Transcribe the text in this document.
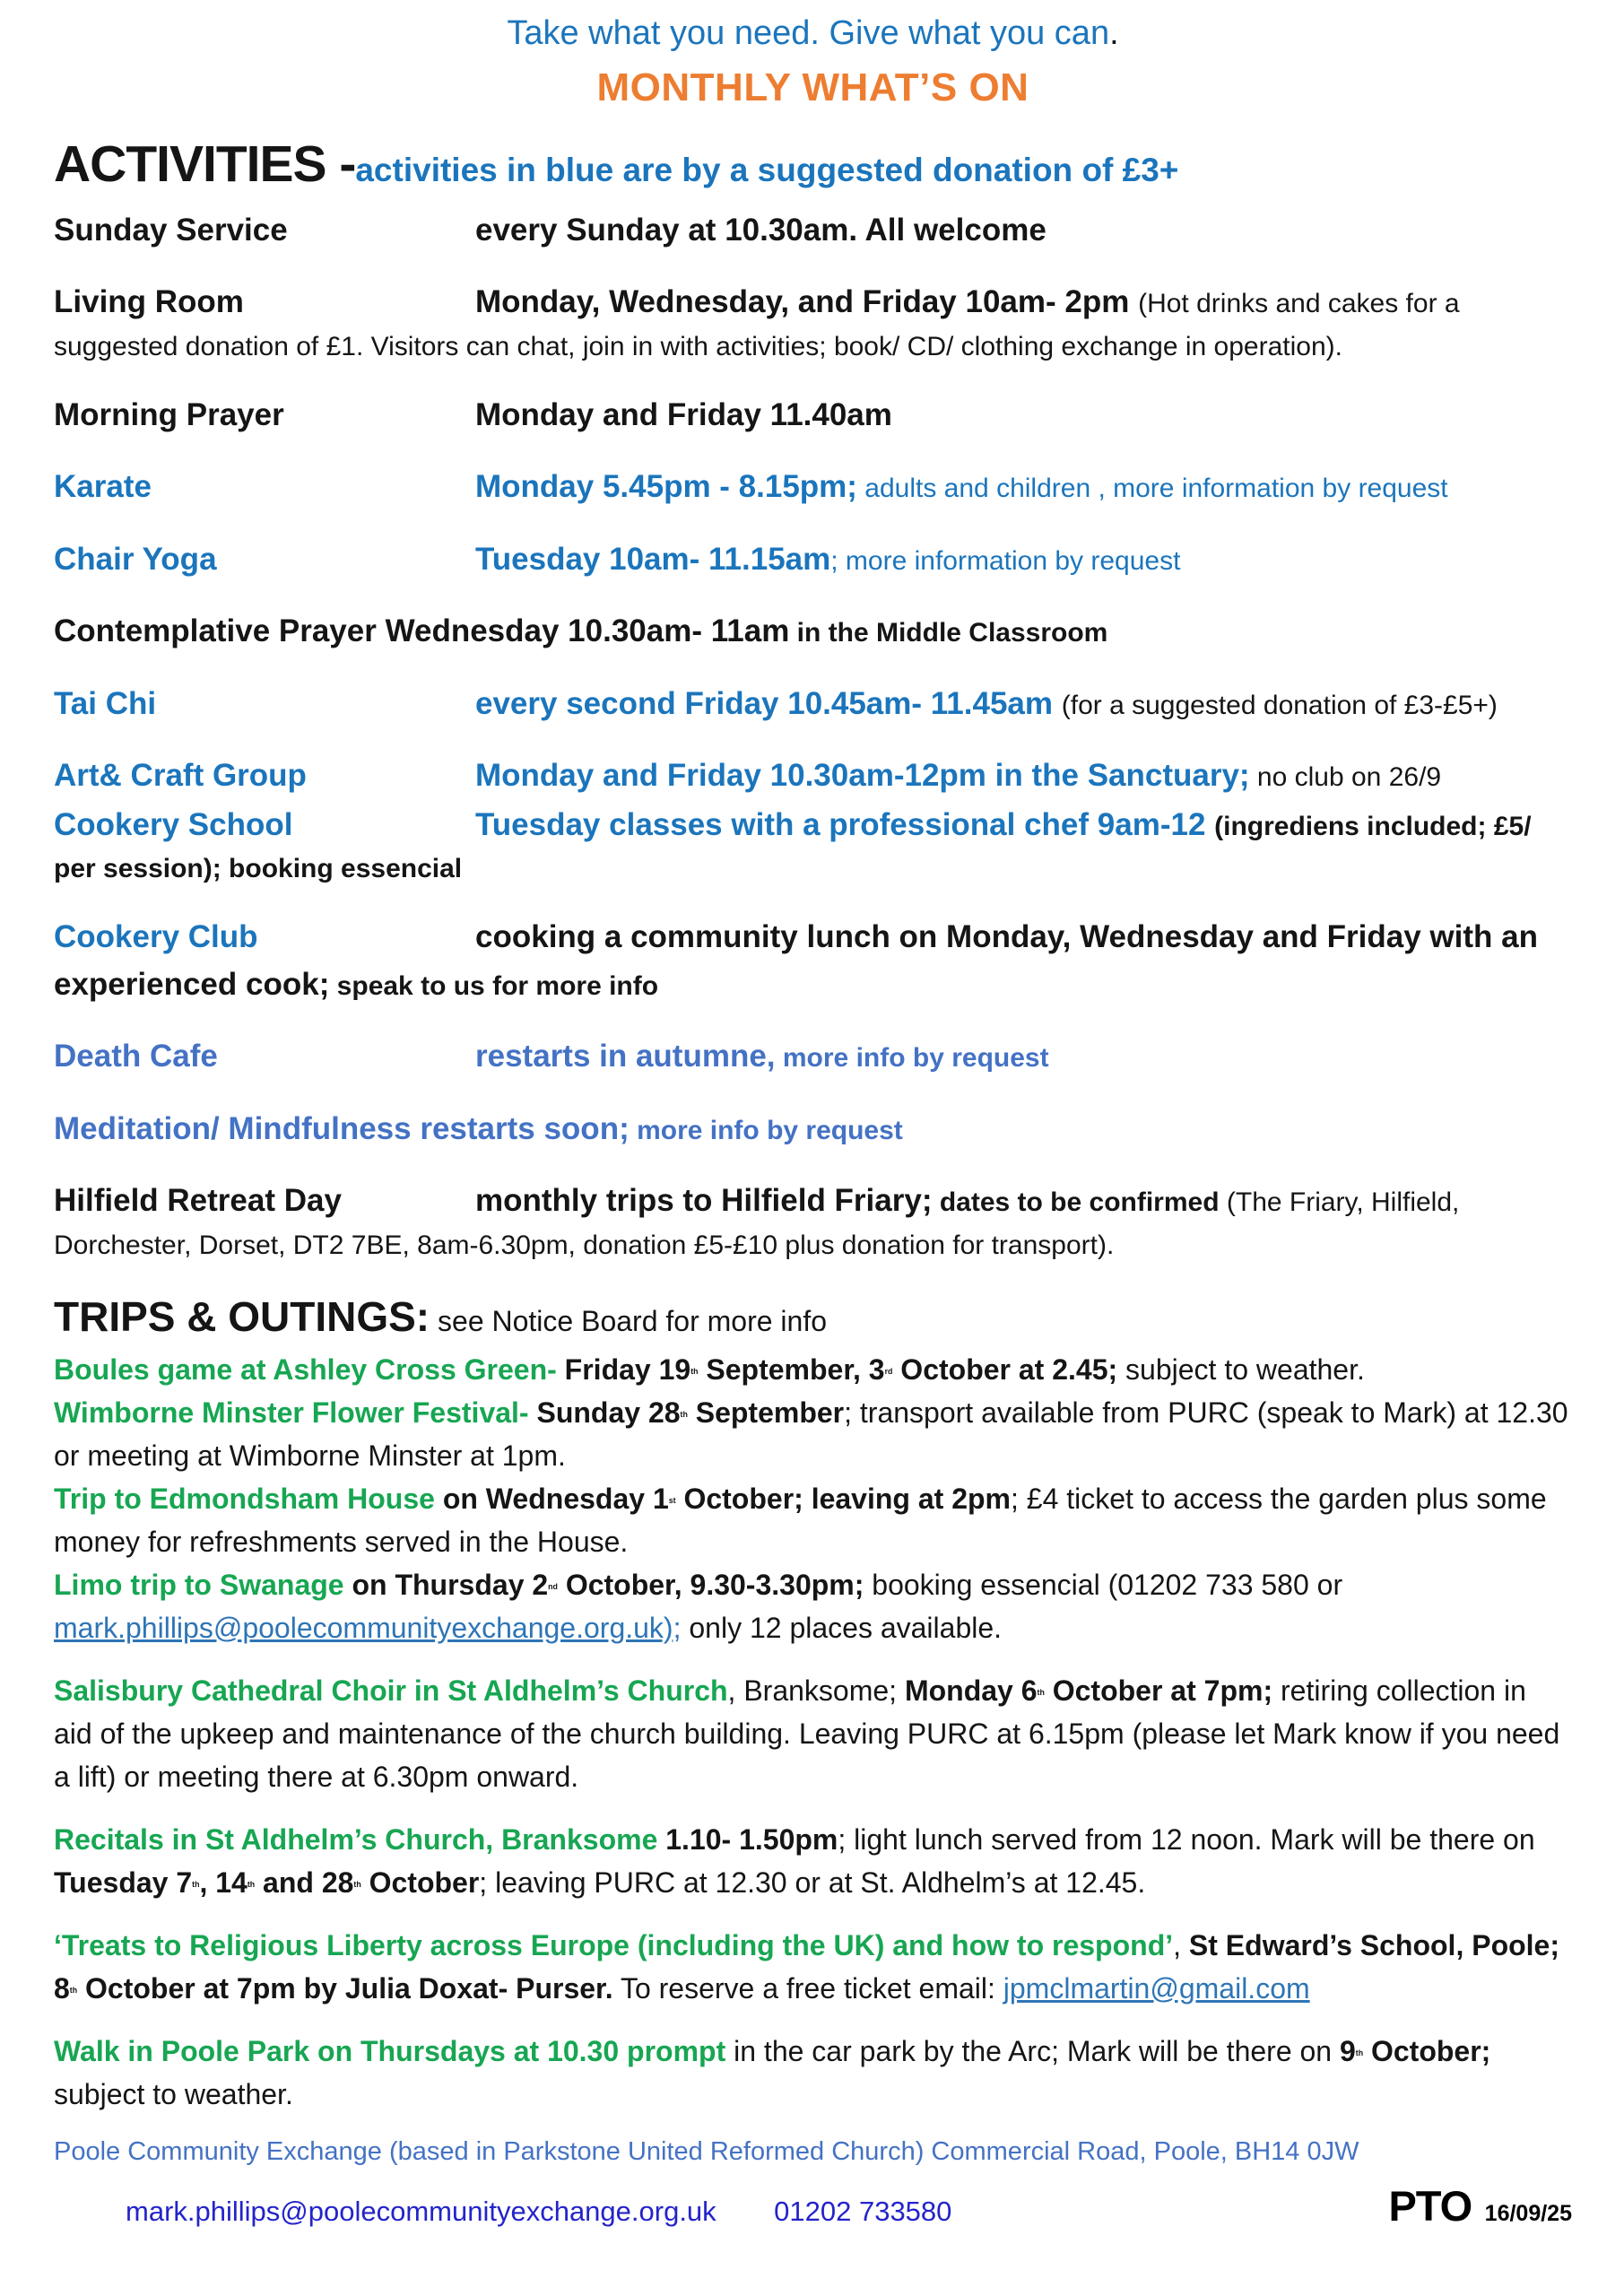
Take what you need. Give what you can.

MONTHLY WHAT’S ON

ACTIVITIES -activities in blue are by a suggested donation of £3+

Sunday Service	every Sunday at 10.30am. All welcome

Living Room	Monday, Wednesday, and Friday 10am- 2pm (Hot drinks and cakes for a suggested donation of £1. Visitors can chat, join in with activities; book/ CD/ clothing exchange in operation).

Morning Prayer	Monday and Friday 11.40am

Karate	Monday 5.45pm - 8.15pm; adults and children , more information by request

Chair Yoga	Tuesday 10am- 11.15am; more information by request

Contemplative Prayer Wednesday 10.30am- 11am in the Middle Classroom

Tai Chi	every second Friday 10.45am- 11.45am (for a suggested donation of £3-£5+)

Art& Craft Group	Monday and Friday 10.30am-12pm in the Sanctuary; no club on 26/9

Cookery School	Tuesday classes with a professional chef 9am-12 (ingrediens included; £5/ per session); booking essencial

Cookery Club	cooking a community lunch on Monday, Wednesday and Friday with an experienced cook; speak to us for more info

Death Cafe	restarts in autumne, more info by request

Meditation/ Mindfulness restarts soon; more info by request

Hilfield Retreat Day	monthly trips to Hilfield Friary; dates to be confirmed (The Friary, Hilfield, Dorchester, Dorset, DT2 7BE, 8am-6.30pm, donation £5-£10 plus donation for transport).

TRIPS & OUTINGS: see Notice Board for more info

Boules game at Ashley Cross Green- Friday 19th September, 3rd October at 2.45; subject to weather.

Wimborne Minster Flower Festival- Sunday 28th September; transport available from PURC (speak to Mark) at 12.30 or meeting at Wimborne Minster at 1pm.

Trip to Edmondsham House on Wednesday 1st October; leaving at 2pm; £4 ticket to access the garden plus some money for refreshments served in the House.

Limo trip to Swanage on Thursday 2nd October, 9.30-3.30pm; booking essencial (01202 733 580 or mark.phillips@poolecommunityexchange.org.uk); only 12 places available.

Salisbury Cathedral Choir in St Aldhelm’s Church, Branksome; Monday 6th October at 7pm; retiring collection in aid of the upkeep and maintenance of the church building. Leaving PURC at 6.15pm (please let Mark know if you need a lift) or meeting there at 6.30pm onward.

Recitals in St Aldhelm’s Church, Branksome 1.10- 1.50pm; light lunch served from 12 noon. Mark will be there on Tuesday 7th, 14th and 28th October; leaving PURC at 12.30 or at St. Aldhelm’s at 12.45.

‘Treats to Religious Liberty across Europe (including the UK) and how to respond’, St Edward’s School, Poole; 8th October at 7pm by Julia Doxat- Purser. To reserve a free ticket email: jpmclmartin@gmail.com

Walk in Poole Park on Thursdays at 10.30 prompt in the car park by the Arc; Mark will be there on 9th October; subject to weather.

Poole Community Exchange (based in Parkstone United Reformed Church) Commercial Road, Poole, BH14 0JW

mark.phillips@poolecommunityexchange.org.uk 01202 733580	PTO 16/09/25
